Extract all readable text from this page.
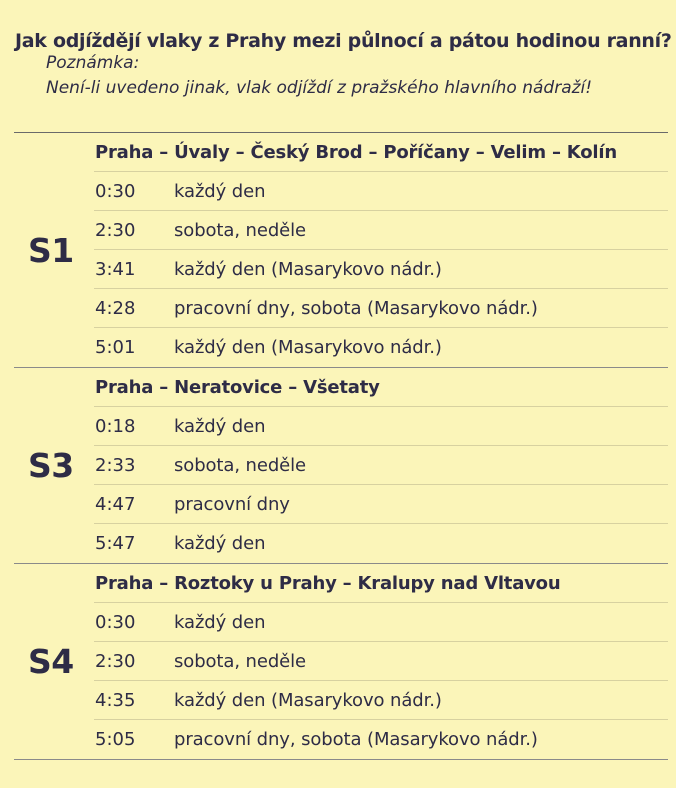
Jak odjíždějí vlaky z Prahy mezi půlnocí a pátou hodinou ranní?
Poznámka:
Není-li uvedeno jinak, vlak odjíždí z pražského hlavního nádraží!
S1
Praha – Úvaly – Český Brod – Poříčany – Velim – Kolín
0:30	každý den
2:30	sobota, neděle
3:41	každý den (Masarykovo nádr.)
4:28	pracovní dny, sobota (Masarykovo nádr.)
5:01	každý den (Masarykovo nádr.)
S3
Praha – Neratovice – Všetaty
0:18	každý den
2:33	sobota, neděle
4:47	pracovní dny
5:47	každý den
S4
Praha – Roztoky u Prahy – Kralupy nad Vltavou
0:30	každý den
2:30	sobota, neděle
4:35	každý den (Masarykovo nádr.)
5:05	pracovní dny, sobota (Masarykovo nádr.)
